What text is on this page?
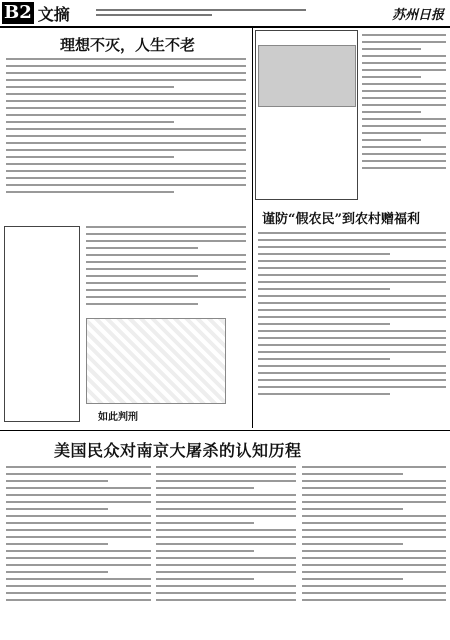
B2 文摘	苏州日报
理想不灭，人生不老
谨防“假农民”到农村赠福利
如此判刑
美国民众对南京大屠杀的认知历程
